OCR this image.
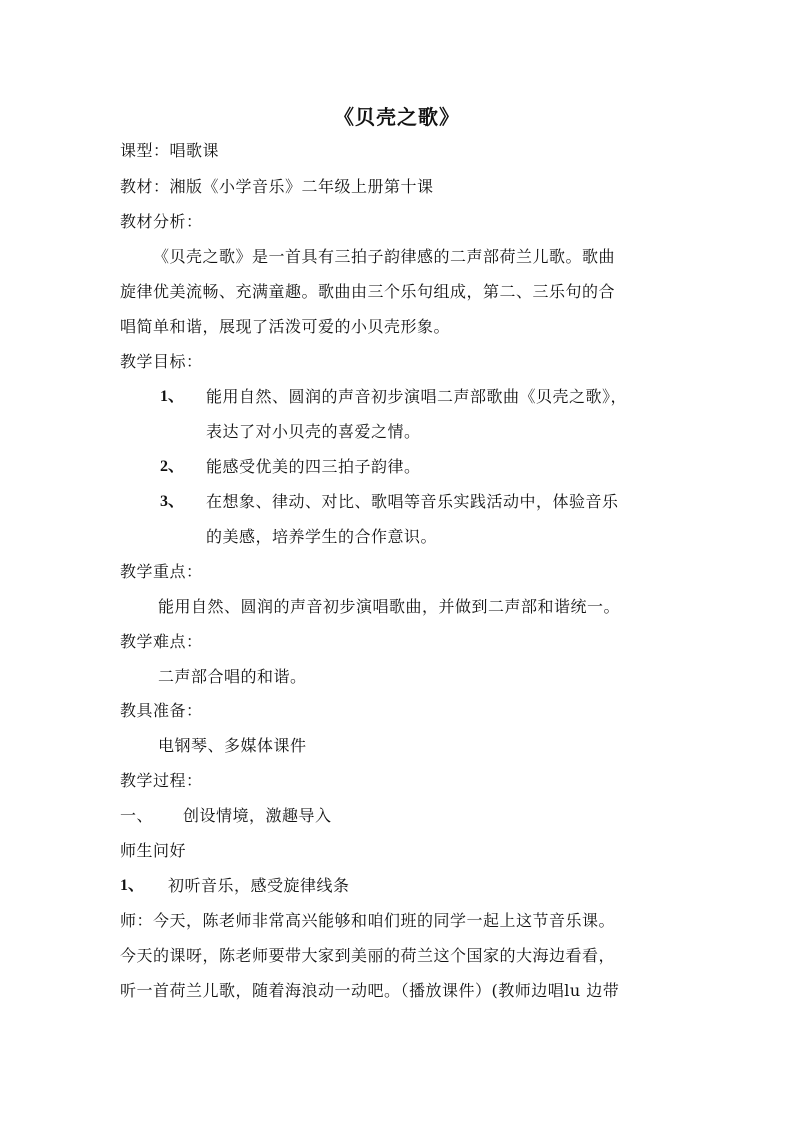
《贝壳之歌》
课型：唱歌课
教材：湘版《小学音乐》二年级上册第十课
教材分析：
《贝壳之歌》是一首具有三拍子韵律感的二声部荷兰儿歌。歌曲
旋律优美流畅、充满童趣。歌曲由三个乐句组成，第二、三乐句的合
唱简单和谐，展现了活泼可爱的小贝壳形象。
教学目标：
1、 能用自然、圆润的声音初步演唱二声部歌曲《贝壳之歌》，
表达了对小贝壳的喜爱之情。
2、 能感受优美的四三拍子韵律。
3、 在想象、律动、对比、歌唱等音乐实践活动中，体验音乐
的美感，培养学生的合作意识。
教学重点：
能用自然、圆润的声音初步演唱歌曲，并做到二声部和谐统一。
教学难点：
二声部合唱的和谐。
教具准备：
电钢琴、多媒体课件
教学过程：
一、 创设情境，激趣导入
师生问好
1、 初听音乐，感受旋律线条
师：今天，陈老师非常高兴能够和咱们班的同学一起上这节音乐课。
今天的课呀，陈老师要带大家到美丽的荷兰这个国家的大海边看看，
听一首荷兰儿歌，随着海浪动一动吧。（播放课件）(教师边唱lu 边带
